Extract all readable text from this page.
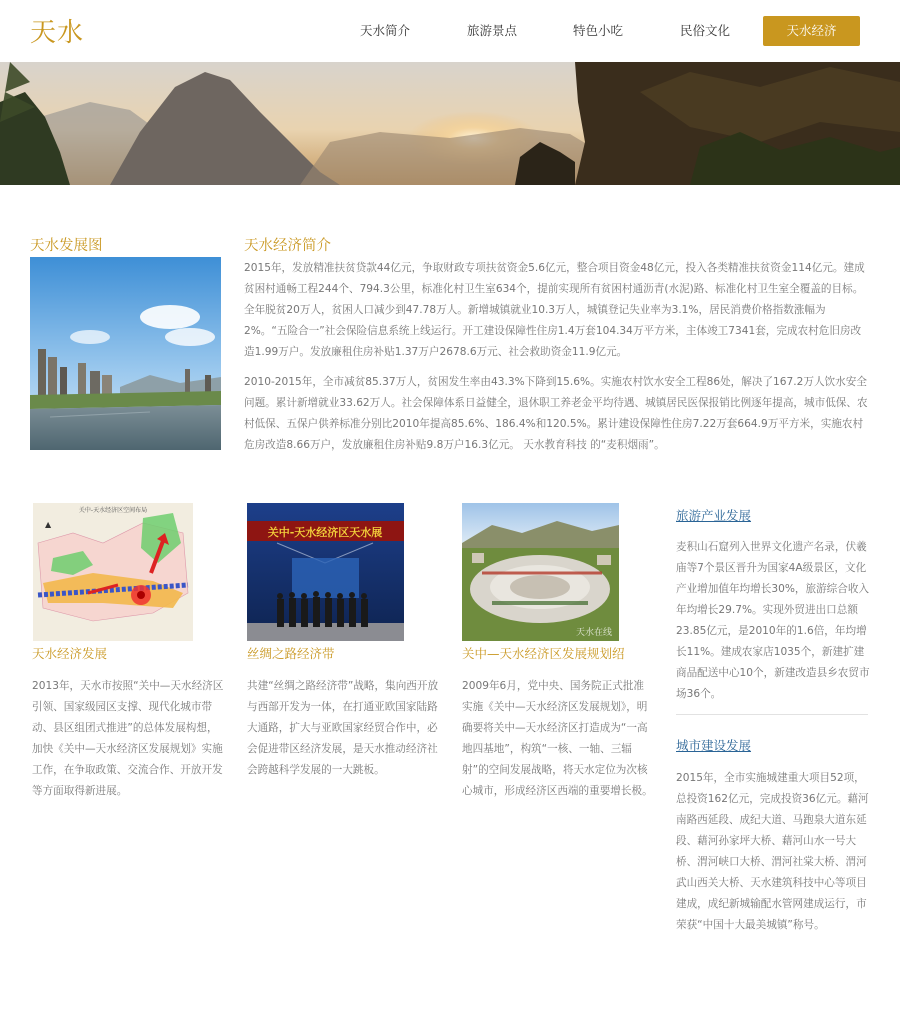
天水	天水简介	旅游景点	特色小吃	民俗文化	天水经济
天水发展图	天水经济简介

2015年，发放精准扶贫贷款44亿元，争取财政专项扶贫资金5.6亿元，整合项目资金48亿元，投入各类精准扶贫资金114亿元。建成贫困村通畅工程244个、794.3公里，标准化村卫生室634个，提前实现所有贫困村通沥青(水泥)路、标准化村卫生室全覆盖的目标。全年脱贫20万人，贫困人口减少到47.78万人。新增城镇就业10.3万人，城镇登记失业率为3.1%，居民消费价格指数涨幅为2%。“五险合一”社会保险信息系统上线运行。开工建设保障性住房1.4万套104.34万平方米，主体竣工7341套，完成农村危旧房改造1.99万户。发放廉租住房补贴1.37万户2678.6万元、社会救助资金11.9亿元。

2010-2015年，全市减贫85.37万人，贫困发生率由43.3%下降到15.6%。实施农村饮水安全工程86处，解决了167.2万人饮水安全问题。累计新增就业33.62万人。社会保障体系日益健全，退休职工养老金平均待遇、城镇居民医保报销比例逐年提高，城市低保、农村低保、五保户供养标准分别比2010年提高85.6%、186.4%和120.5%。累计建设保障性住房7.22万套664.9万平方米，实施农村危房改造8.66万户，发放廉租住房补贴9.8万户16.3亿元。 天水教育科技 的“麦积烟雨”。

关中-天水经济区空间布局
▲
天水经济发展

2013年，天水市按照“关中—天水经济区引领、国家级园区支撑、现代化城市带动、县区组团式推进”的总体发展构想，加快《关中—天水经济区发展规划》实施工作，在争取政策、交流合作、开放开发等方面取得新进展。

关中-天水经济区天水展
丝绸之路经济带

共建“丝绸之路经济带”战略，集向西开放与西部开发为一体，在打通亚欧国家陆路大通路，扩大与亚欧国家经贸合作中，必会促进带区经济发展，是天水推动经济社会跨越科学发展的一大跳板。

天水在线
关中—天水经济区发展规划绍

2009年6月，党中央、国务院正式批准实施《关中—天水经济区发展规划》，明确要将关中—天水经济区打造成为“一高地四基地”，构筑“一核、一轴、三辐射”的空间发展战略，将天水定位为次核心城市，形成经济区西端的重要增长极。

旅游产业发展

麦积山石窟列入世界文化遗产名录，伏羲庙等7个景区晋升为国家4A级景区，文化产业增加值年均增长30%，旅游综合收入年均增长29.7%。实现外贸进出口总额23.85亿元，是2010年的1.6倍，年均增长11%。建成农家店1035个，新建扩建商品配送中心10个，新建改造县乡农贸市场36个。

城市建设发展

2015年，全市实施城建重大项目52项，总投资162亿元，完成投资36亿元。藉河南路西延段、成纪大道、马跑泉大道东延段、藉河孙家坪大桥、藉河山水一号大桥、渭河峡口大桥、渭河社棠大桥、渭河武山西关大桥、天水建筑科技中心等项目建成，成纪新城输配水管网建成运行，市荣获“中国十大最美城镇”称号。
